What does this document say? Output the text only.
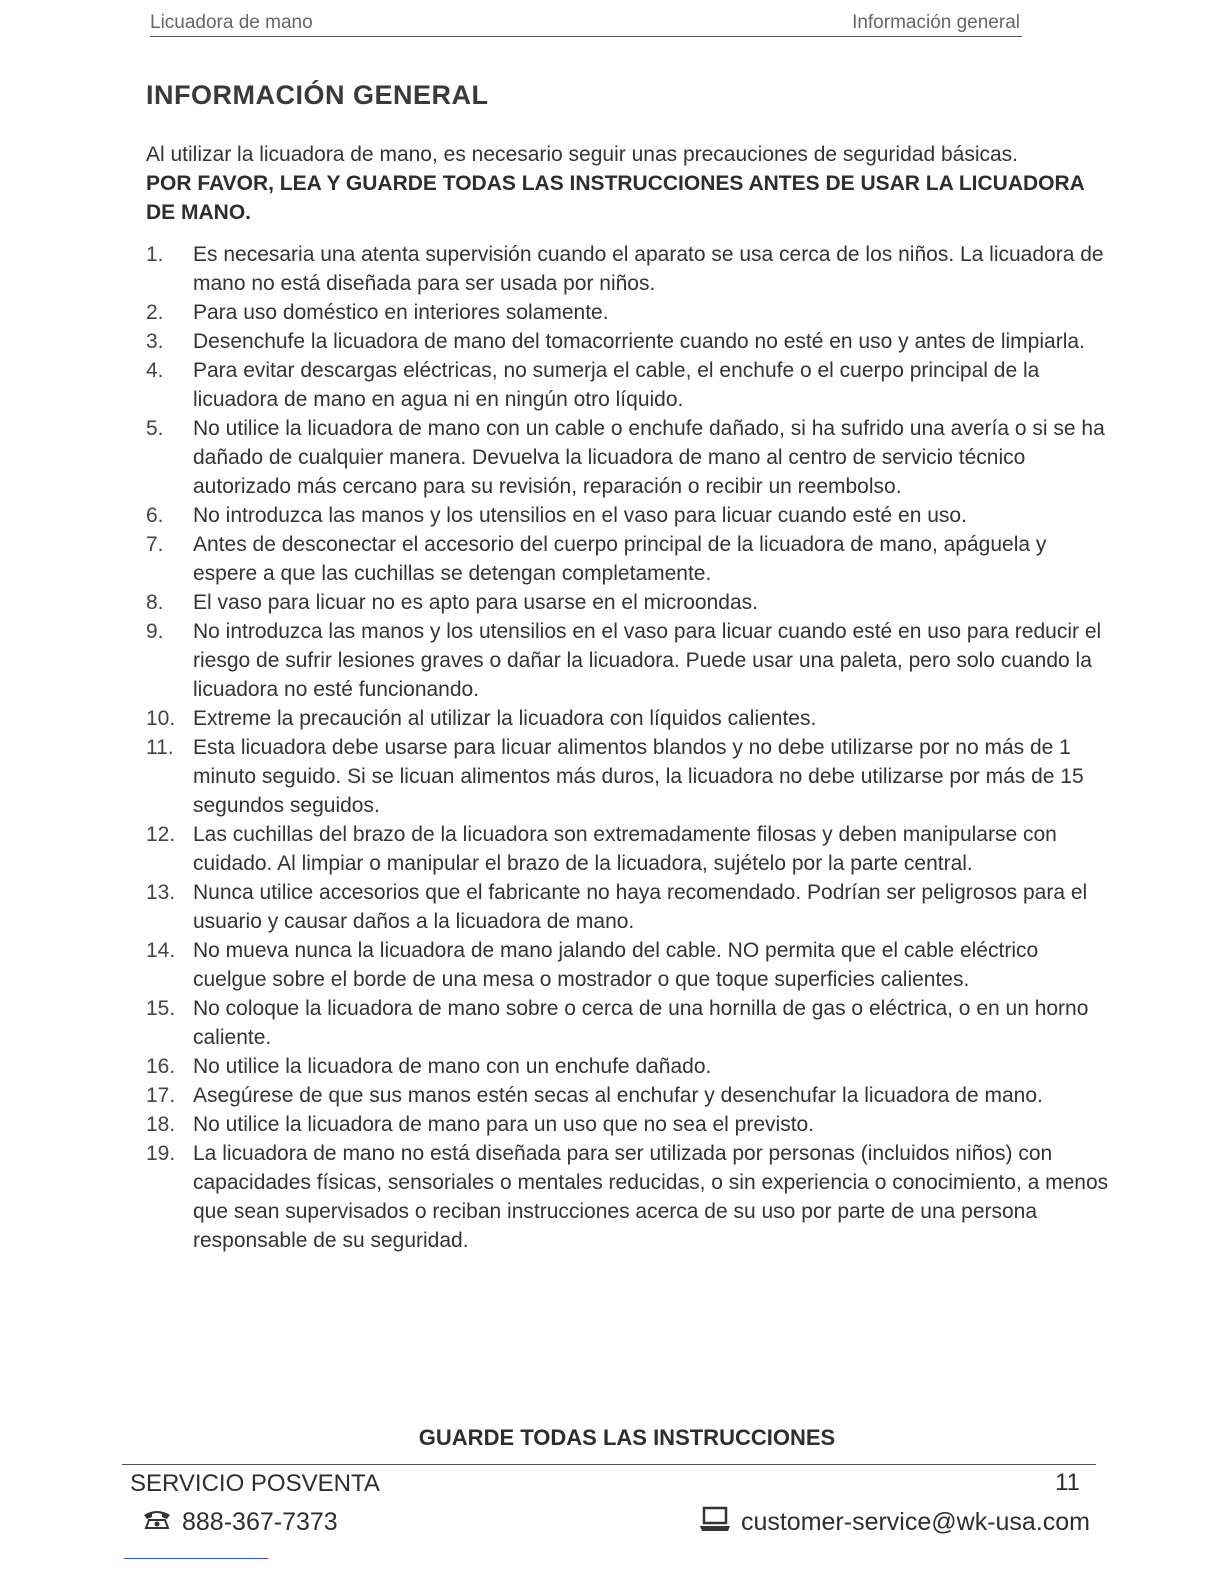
Licuadora de mano	Información general
INFORMACIÓN GENERAL
Al utilizar la licuadora de mano, es necesario seguir unas precauciones de seguridad básicas.
POR FAVOR, LEA Y GUARDE TODAS LAS INSTRUCCIONES ANTES DE USAR LA LICUADORA DE MANO.
1.	Es necesaria una atenta supervisión cuando el aparato se usa cerca de los niños. La licuadora de mano no está diseñada para ser usada por niños.
2.	Para uso doméstico en interiores solamente.
3.	Desenchufe la licuadora de mano del tomacorriente cuando no esté en uso y antes de limpiarla.
4.	Para evitar descargas eléctricas, no sumerja el cable, el enchufe o el cuerpo principal de la licuadora de mano en agua ni en ningún otro líquido.
5.	No utilice la licuadora de mano con un cable o enchufe dañado, si ha sufrido una avería o si se ha dañado de cualquier manera. Devuelva la licuadora de mano al centro de servicio técnico autorizado más cercano para su revisión, reparación o recibir un reembolso.
6.	No introduzca las manos y los utensilios en el vaso para licuar cuando esté en uso.
7.	Antes de desconectar el accesorio del cuerpo principal de la licuadora de mano, apáguela y espere a que las cuchillas se detengan completamente.
8.	El vaso para licuar no es apto para usarse en el microondas.
9.	No introduzca las manos y los utensilios en el vaso para licuar cuando esté en uso para reducir el riesgo de sufrir lesiones graves o dañar la licuadora. Puede usar una paleta, pero solo cuando la licuadora no esté funcionando.
10. Extreme la precaución al utilizar la licuadora con líquidos calientes.
11. Esta licuadora debe usarse para licuar alimentos blandos y no debe utilizarse por no más de 1 minuto seguido. Si se licuan alimentos más duros, la licuadora no debe utilizarse por más de 15 segundos seguidos.
12. Las cuchillas del brazo de la licuadora son extremadamente filosas y deben manipularse con cuidado. Al limpiar o manipular el brazo de la licuadora, sujételo por la parte central.
13. Nunca utilice accesorios que el fabricante no haya recomendado. Podrían ser peligrosos para el usuario y causar daños a la licuadora de mano.
14. No mueva nunca la licuadora de mano jalando del cable. NO permita que el cable eléctrico cuelgue sobre el borde de una mesa o mostrador o que toque superficies calientes.
15. No coloque la licuadora de mano sobre o cerca de una hornilla de gas o eléctrica, o en un horno caliente.
16. No utilice la licuadora de mano con un enchufe dañado.
17. Asegúrese de que sus manos estén secas al enchufar y desenchufar la licuadora de mano.
18. No utilice la licuadora de mano para un uso que no sea el previsto.
19. La licuadora de mano no está diseñada para ser utilizada por personas (incluidos niños) con capacidades físicas, sensoriales o mentales reducidas, o sin experiencia o conocimiento, a menos que sean supervisados o reciban instrucciones acerca de su uso por parte de una persona responsable de su seguridad.
GUARDE TODAS LAS INSTRUCCIONES
SERVICIO POSVENTA	11
888-367-7373	customer-service@wk-usa.com
